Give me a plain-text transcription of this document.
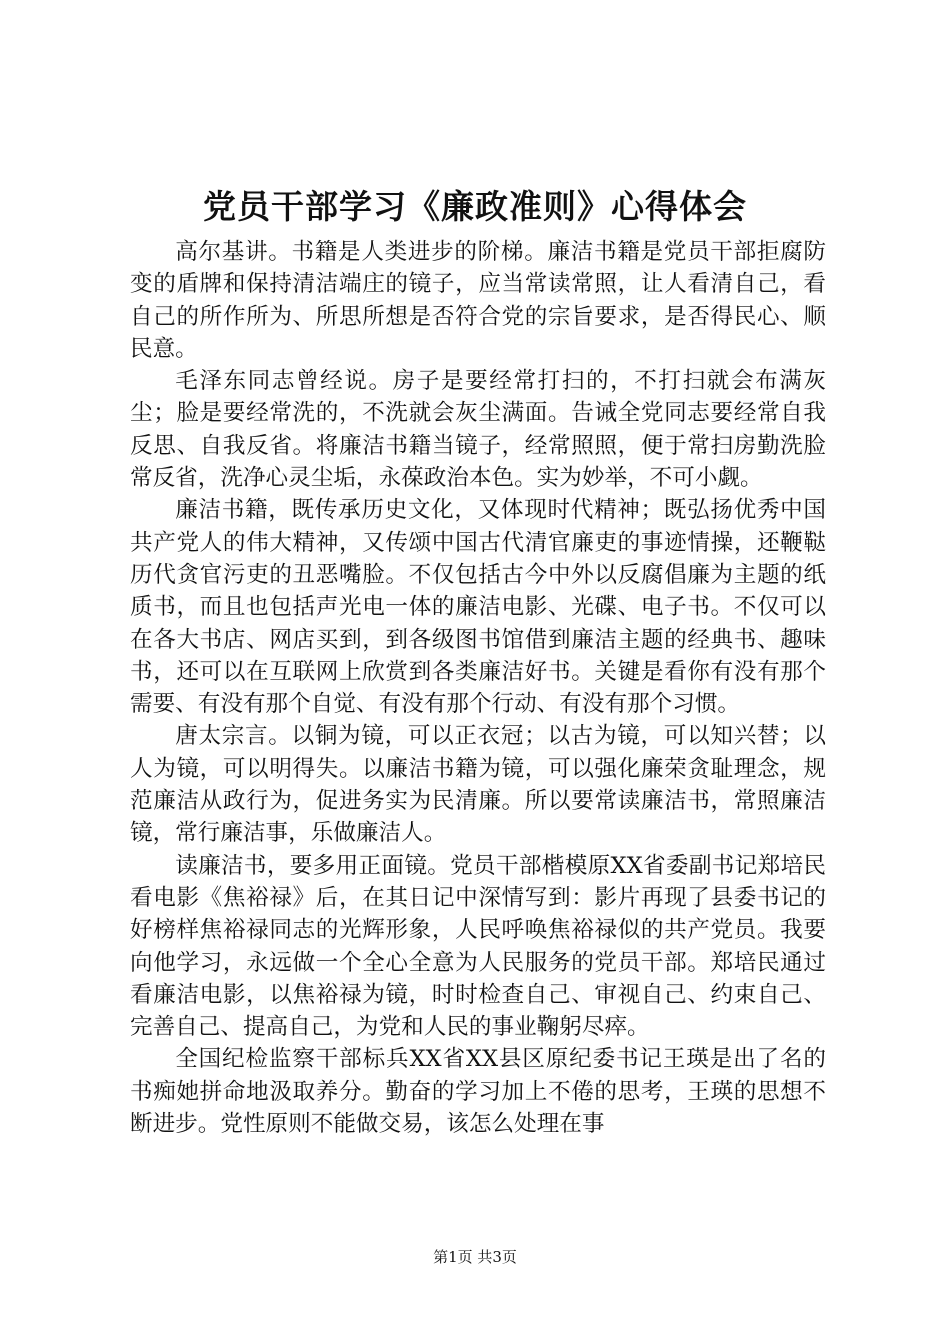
党员干部学习《廉政准则》心得体会

高尔基讲。书籍是人类进步的阶梯。廉洁书籍是党员干部拒腐防变的盾牌和保持清洁端庄的镜子，应当常读常照，让人看清自己，看自己的所作所为、所思所想是否符合党的宗旨要求，是否得民心、顺民意。

毛泽东同志曾经说。房子是要经常打扫的，不打扫就会布满灰尘；脸是要经常洗的，不洗就会灰尘满面。告诫全党同志要经常自我反思、自我反省。将廉洁书籍当镜子，经常照照，便于常扫房勤洗脸常反省，洗净心灵尘垢，永葆政治本色。实为妙举，不可小觑。

廉洁书籍，既传承历史文化，又体现时代精神；既弘扬优秀中国共产党人的伟大精神，又传颂中国古代清官廉吏的事迹情操，还鞭鞑历代贪官污吏的丑恶嘴脸。不仅包括古今中外以反腐倡廉为主题的纸质书，而且也包括声光电一体的廉洁电影、光碟、电子书。不仅可以在各大书店、网店买到，到各级图书馆借到廉洁主题的经典书、趣味书，还可以在互联网上欣赏到各类廉洁好书。关键是看你有没有那个需要、有没有那个自觉、有没有那个行动、有没有那个习惯。

唐太宗言。以铜为镜，可以正衣冠；以古为镜，可以知兴替；以人为镜，可以明得失。以廉洁书籍为镜，可以强化廉荣贪耻理念，规范廉洁从政行为，促进务实为民清廉。所以要常读廉洁书，常照廉洁镜，常行廉洁事，乐做廉洁人。

读廉洁书，要多用正面镜。党员干部楷模原XX省委副书记郑培民看电影《焦裕禄》后，在其日记中深情写到：影片再现了县委书记的好榜样焦裕禄同志的光辉形象，人民呼唤焦裕禄似的共产党员。我要向他学习，永远做一个全心全意为人民服务的党员干部。郑培民通过看廉洁电影，以焦裕禄为镜，时时检查自己、审视自己、约束自己、完善自己、提高自己，为党和人民的事业鞠躬尽瘁。

全国纪检监察干部标兵XX省XX县区原纪委书记王瑛是出了名的书痴她拼命地汲取养分。勤奋的学习加上不倦的思考，王瑛的思想不断进步。党性原则不能做交易，该怎么处理在事

第1页 共3页
